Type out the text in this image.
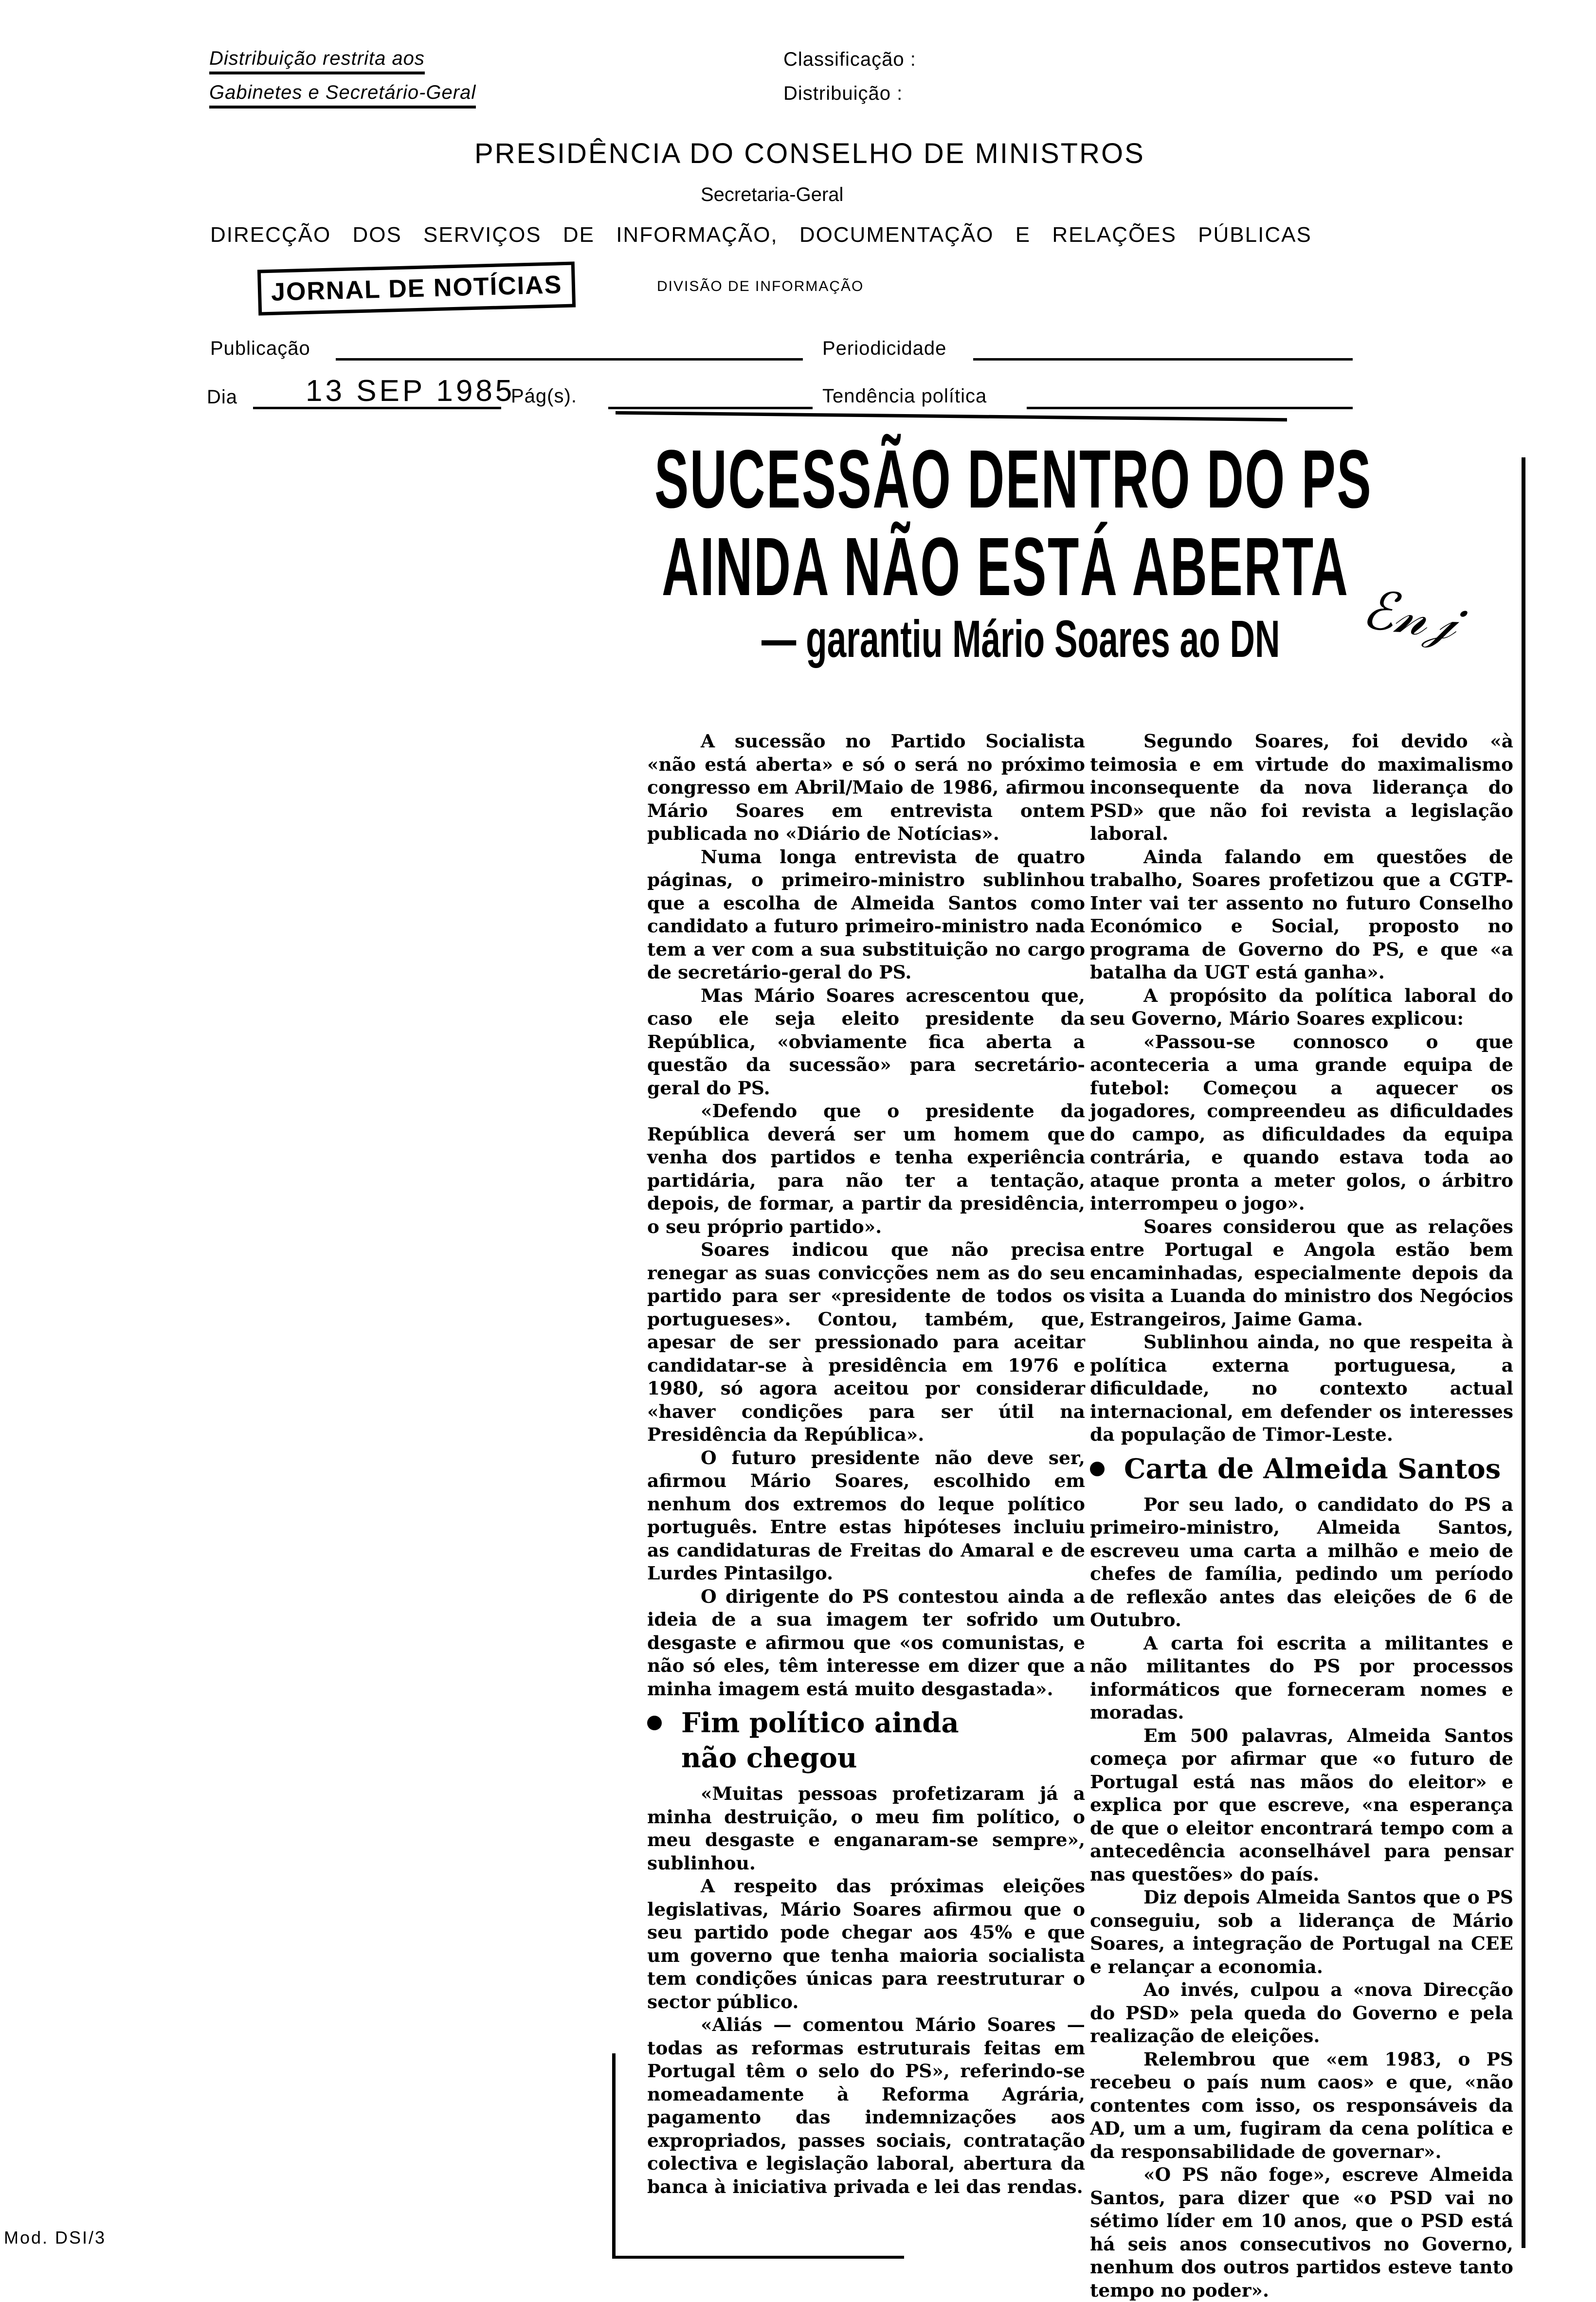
Distribuição restrita aos
Gabinetes e Secretário-Geral
Classificação :
Distribuição :
PRESIDÊNCIA DO CONSELHO DE MINISTROS
Secretaria-Geral
DIRECÇÃO DOS SERVIÇOS DE INFORMAÇÃO, DOCUMENTAÇÃO E RELAÇÕES PÚBLICAS
JORNAL DE NOTÍCIAS	DIVISÃO DE INFORMAÇÃO
Publicação	Periodicidade
Dia 13 SEP 1985
Pág(s).	Tendência política
SUCESSÃO DENTRO DO PS
AINDA NÃO ESTÁ ABERTA
— garantiu Mário Soares ao DN ℰ𝓃𝒿

A sucessão no Partido Socialista «não está aberta» e só o será no próximo congresso em Abril/Maio de 1986, afirmou Mário Soares em entrevista ontem publicada no «Diário de Notícias».

Numa longa entrevista de quatro páginas, o primeiro-ministro sublinhou que a escolha de Almeida Santos como candidato a futuro primeiro-ministro nada tem a ver com a sua substituição no cargo de secretário-geral do PS.

Mas Mário Soares acrescentou que, caso ele seja eleito presidente da República, «obviamente fica aberta a questão da sucessão» para secretário-geral do PS.

«Defendo que o presidente da República deverá ser um homem que venha dos partidos e tenha experiência partidária, para não ter a tentação, depois, de formar, a partir da presidência, o seu próprio partido».

Soares indicou que não precisa renegar as suas convicções nem as do seu partido para ser «presidente de todos os portugueses». Contou, também, que, apesar de ser pressionado para aceitar candidatar-se à presidência em 1976 e 1980, só agora aceitou por considerar «haver condições para ser útil na Presidência da República».

O futuro presidente não deve ser, afirmou Mário Soares, escolhido em nenhum dos extremos do leque político português. Entre estas hipóteses incluiu as candidaturas de Freitas do Amaral e de Lurdes Pintasilgo.

O dirigente do PS contestou ainda a ideia de a sua imagem ter sofrido um desgaste e afirmou que «os comunistas, e não só eles, têm interesse em dizer que a minha imagem está muito desgastada».

Fim político ainda
não chegou

«Muitas pessoas profetizaram já a minha destruição, o meu fim político, o meu desgaste e enganaram-se sempre», sublinhou.

A respeito das próximas eleições legislativas, Mário Soares afirmou que o seu partido pode chegar aos 45% e que um governo que tenha maioria socialista tem condições únicas para reestruturar o sector público.

«Aliás — comentou Mário Soares — todas as reformas estruturais feitas em Portugal têm o selo do PS», referindo-se nomeadamente à Reforma Agrária, pagamento das indemnizações aos expropriados, passes sociais, contratação colectiva e legislação laboral, abertura da banca à iniciativa privada e lei das rendas.

Segundo Soares, foi devido «à teimosia e em virtude do maximalismo inconsequente da nova liderança do PSD» que não foi revista a legislação laboral.

Ainda falando em questões de trabalho, Soares profetizou que a CGTP-Inter vai ter assento no futuro Conselho Económico e Social, proposto no programa de Governo do PS, e que «a batalha da UGT está ganha».

A propósito da política laboral do seu Governo, Mário Soares explicou:

«Passou-se connosco o que aconteceria a uma grande equipa de futebol: Começou a aquecer os jogadores, compreendeu as dificuldades do campo, as dificuldades da equipa contrária, e quando estava toda ao ataque pronta a meter golos, o árbitro interrompeu o jogo».

Soares considerou que as relações entre Portugal e Angola estão bem encaminhadas, especialmente depois da visita a Luanda do ministro dos Negócios Estrangeiros, Jaime Gama.

Sublinhou ainda, no que respeita à política externa portuguesa, a dificuldade, no contexto actual internacional, em defender os interesses da população de Timor-Leste.

Carta de Almeida Santos

Por seu lado, o candidato do PS a primeiro-ministro, Almeida Santos, escreveu uma carta a milhão e meio de chefes de família, pedindo um período de reflexão antes das eleições de 6 de Outubro.

A carta foi escrita a militantes e não militantes do PS por processos informáticos que forneceram nomes e moradas.

Em 500 palavras, Almeida Santos começa por afirmar que «o futuro de Portugal está nas mãos do eleitor» e explica por que escreve, «na esperança de que o eleitor encontrará tempo com a antecedência aconselhável para pensar nas questões» do país.

Diz depois Almeida Santos que o PS conseguiu, sob a liderança de Mário Soares, a integração de Portugal na CEE e relançar a economia.

Ao invés, culpou a «nova Direcção do PSD» pela queda do Governo e pela realização de eleições.

Relembrou que «em 1983, o PS recebeu o país num caos» e que, «não contentes com isso, os responsáveis da AD, um a um, fugiram da cena política e da responsabilidade de governar».

«O PS não foge», escreve Almeida Santos, para dizer que «o PSD vai no sétimo líder em 10 anos, que o PSD está há seis anos consecutivos no Governo, nenhum dos outros partidos esteve tanto tempo no poder».

Mod. DSI/3
